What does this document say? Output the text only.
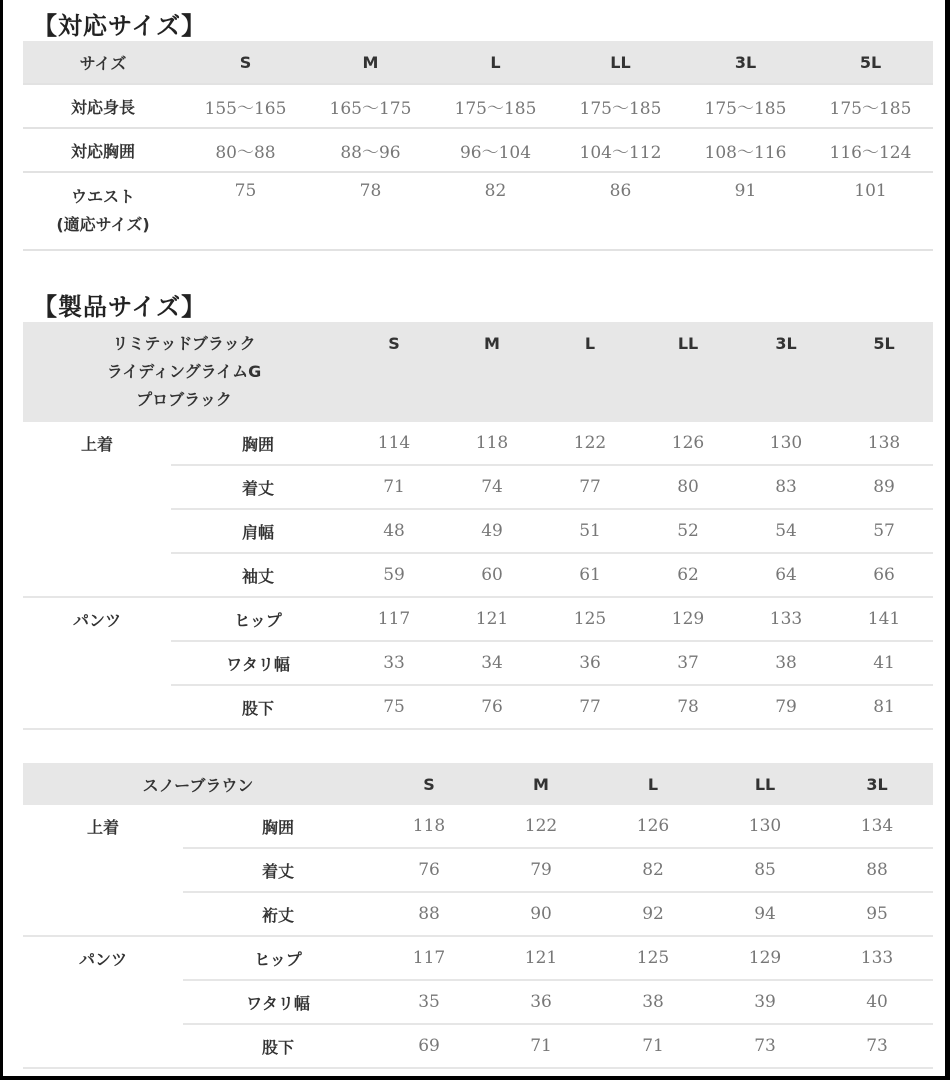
【対応サイズ】
サイズ	S	M	L	LL	3L	5L
対応身長	155〜165	165〜175	175〜185	175〜185	175〜185	175〜185
対応胸囲	80〜88	88〜96	96〜104	104〜112	108〜116	116〜124
ウエスト
(適応サイズ)	75	78	82	86	91	101
【製品サイズ】
リミテッドブラック
ライディングライムG
プロブラック		S	M	L	LL	3L	5L
上着	胸囲	114	118	122	126	130	138
	着丈	71	74	77	80	83	89
	肩幅	48	49	51	52	54	57
	袖丈	59	60	61	62	64	66
パンツ	ヒップ	117	121	125	129	133	141
	ワタリ幅	33	34	36	37	38	41
	股下	75	76	77	78	79	81
スノーブラウン		S	M	L	LL	3L
上着	胸囲	118	122	126	130	134
	着丈	76	79	82	85	88
	裄丈	88	90	92	94	95
パンツ	ヒップ	117	121	125	129	133
	ワタリ幅	35	36	38	39	40
	股下	69	71	71	73	73
